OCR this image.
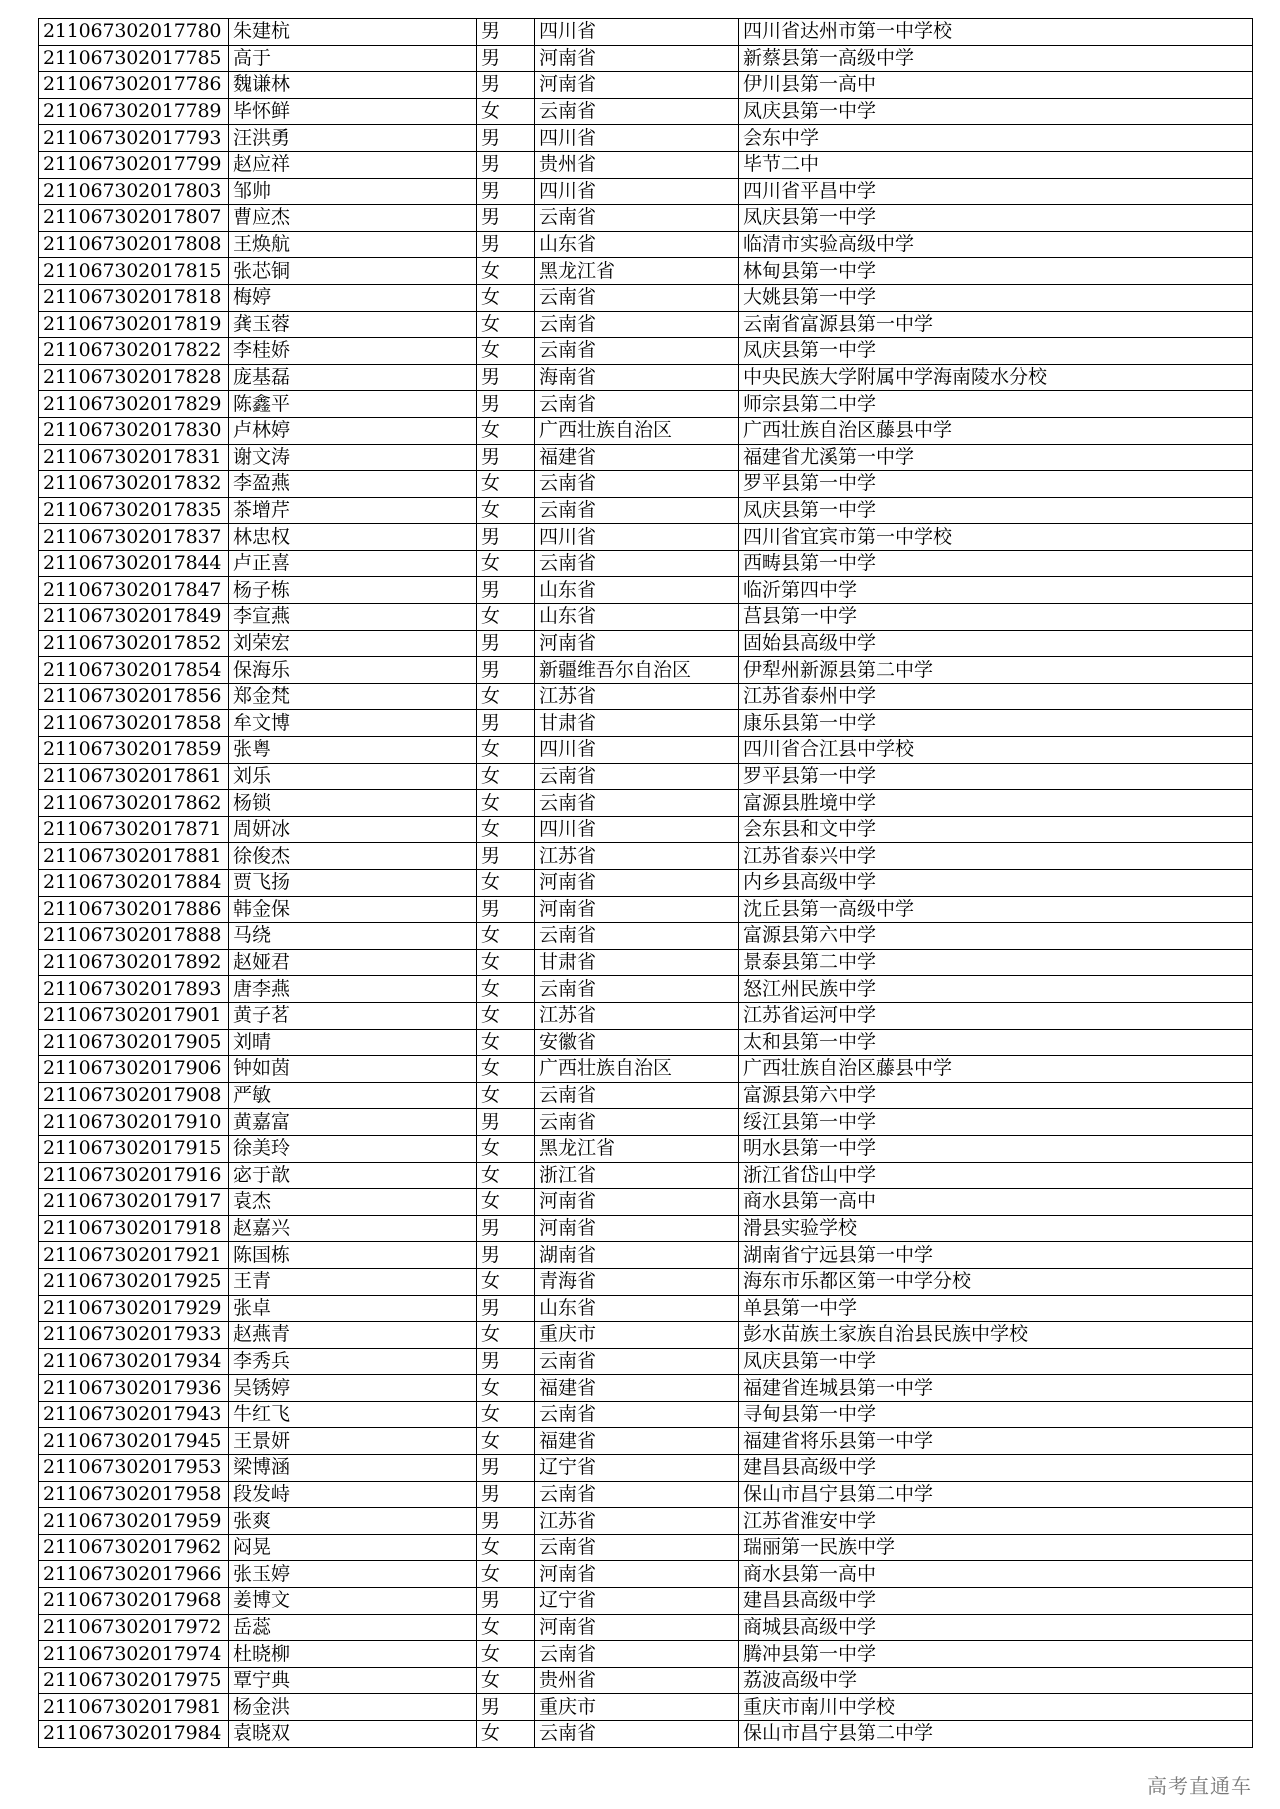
211067302017780	朱建杭	男	四川省	四川省达州市第一中学校
211067302017785	高于	男	河南省	新蔡县第一高级中学
211067302017786	魏谦林	男	河南省	伊川县第一高中
211067302017789	毕怀鲜	女	云南省	凤庆县第一中学
211067302017793	汪洪勇	男	四川省	会东中学
211067302017799	赵应祥	男	贵州省	毕节二中
211067302017803	邹帅	男	四川省	四川省平昌中学
211067302017807	曹应杰	男	云南省	凤庆县第一中学
211067302017808	王焕航	男	山东省	临清市实验高级中学
211067302017815	张芯铜	女	黑龙江省	林甸县第一中学
211067302017818	梅婷	女	云南省	大姚县第一中学
211067302017819	龚玉蓉	女	云南省	云南省富源县第一中学
211067302017822	李桂娇	女	云南省	凤庆县第一中学
211067302017828	庞基磊	男	海南省	中央民族大学附属中学海南陵水分校
211067302017829	陈鑫平	男	云南省	师宗县第二中学
211067302017830	卢林婷	女	广西壮族自治区	广西壮族自治区藤县中学
211067302017831	谢文涛	男	福建省	福建省尤溪第一中学
211067302017832	李盈燕	女	云南省	罗平县第一中学
211067302017835	茶增芹	女	云南省	凤庆县第一中学
211067302017837	林忠权	男	四川省	四川省宜宾市第一中学校
211067302017844	卢正喜	女	云南省	西畴县第一中学
211067302017847	杨子栋	男	山东省	临沂第四中学
211067302017849	李宣燕	女	山东省	莒县第一中学
211067302017852	刘荣宏	男	河南省	固始县高级中学
211067302017854	保海乐	男	新疆维吾尔自治区	伊犁州新源县第二中学
211067302017856	郑金梵	女	江苏省	江苏省泰州中学
211067302017858	牟文博	男	甘肃省	康乐县第一中学
211067302017859	张粤	女	四川省	四川省合江县中学校
211067302017861	刘乐	女	云南省	罗平县第一中学
211067302017862	杨锁	女	云南省	富源县胜境中学
211067302017871	周妍冰	女	四川省	会东县和文中学
211067302017881	徐俊杰	男	江苏省	江苏省泰兴中学
211067302017884	贾飞扬	女	河南省	内乡县高级中学
211067302017886	韩金保	男	河南省	沈丘县第一高级中学
211067302017888	马绕	女	云南省	富源县第六中学
211067302017892	赵娅君	女	甘肃省	景泰县第二中学
211067302017893	唐李燕	女	云南省	怒江州民族中学
211067302017901	黄子茗	女	江苏省	江苏省运河中学
211067302017905	刘晴	女	安徽省	太和县第一中学
211067302017906	钟如茵	女	广西壮族自治区	广西壮族自治区藤县中学
211067302017908	严敏	女	云南省	富源县第六中学
211067302017910	黄嘉富	男	云南省	绥江县第一中学
211067302017915	徐美玲	女	黑龙江省	明水县第一中学
211067302017916	宓于歆	女	浙江省	浙江省岱山中学
211067302017917	袁杰	女	河南省	商水县第一高中
211067302017918	赵嘉兴	男	河南省	滑县实验学校
211067302017921	陈国栋	男	湖南省	湖南省宁远县第一中学
211067302017925	王青	女	青海省	海东市乐都区第一中学分校
211067302017929	张卓	男	山东省	单县第一中学
211067302017933	赵燕青	女	重庆市	彭水苗族土家族自治县民族中学校
211067302017934	李秀兵	男	云南省	凤庆县第一中学
211067302017936	吴锈婷	女	福建省	福建省连城县第一中学
211067302017943	牛红飞	女	云南省	寻甸县第一中学
211067302017945	王景妍	女	福建省	福建省将乐县第一中学
211067302017953	梁博涵	男	辽宁省	建昌县高级中学
211067302017958	段发峙	男	云南省	保山市昌宁县第二中学
211067302017959	张爽	男	江苏省	江苏省淮安中学
211067302017962	闷晃	女	云南省	瑞丽第一民族中学
211067302017966	张玉婷	女	河南省	商水县第一高中
211067302017968	姜博文	男	辽宁省	建昌县高级中学
211067302017972	岳蕊	女	河南省	商城县高级中学
211067302017974	杜晓柳	女	云南省	腾冲县第一中学
211067302017975	覃宁典	女	贵州省	荔波高级中学
211067302017981	杨金洪	男	重庆市	重庆市南川中学校
211067302017984	袁晓双	女	云南省	保山市昌宁县第二中学
高考直通车
